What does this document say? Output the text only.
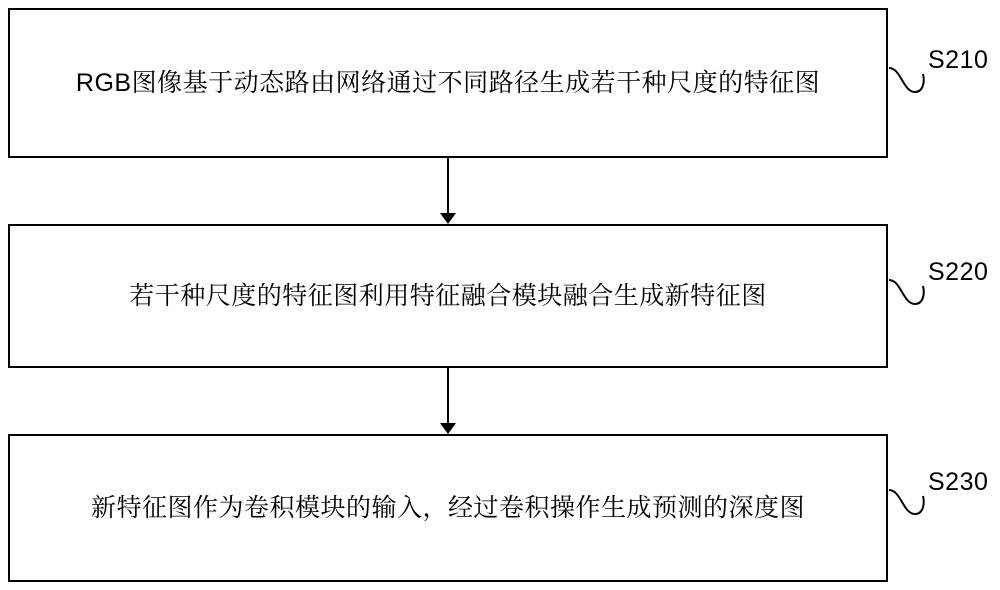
RGB图像基于动态路由网络通过不同路径生成若干种尺度的特征图
若干种尺度的特征图利用特征融合模块融合生成新特征图
新特征图作为卷积模块的输入，经过卷积操作生成预测的深度图
S210
S220
S230
